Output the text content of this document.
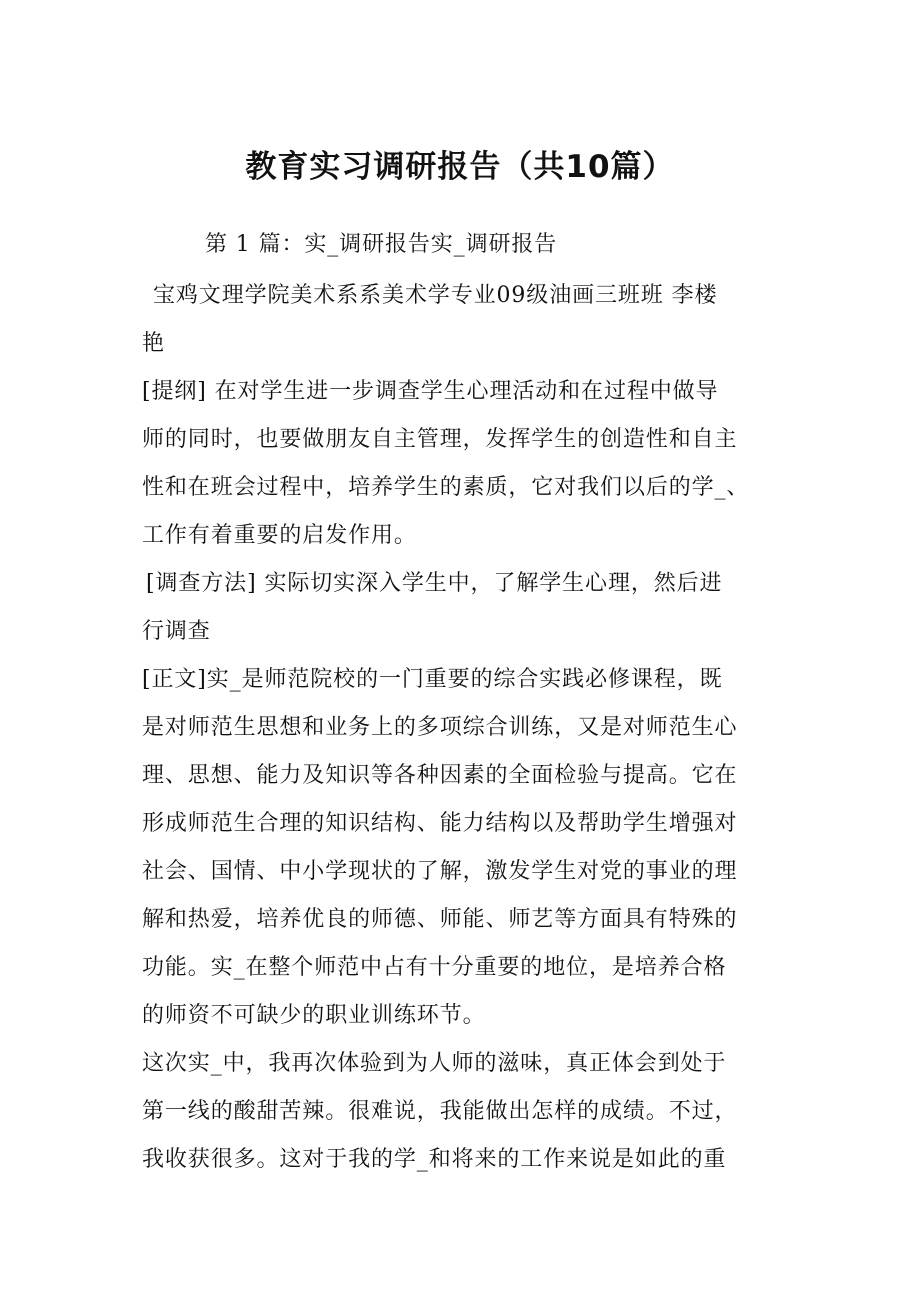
教育实习调研报告（共10篇）
第 1 篇：实_调研报告实_调研报告
宝鸡文理学院美术系系美术学专业09级油画三班班 李楼
艳
[提纲] 在对学生进一步调查学生心理活动和在过程中做导
师的同时，也要做朋友自主管理，发挥学生的创造性和自主
性和在班会过程中，培养学生的素质，它对我们以后的学_、
工作有着重要的启发作用。
[调查方法] 实际切实深入学生中，了解学生心理，然后进
行调查
[正文]实_是师范院校的一门重要的综合实践必修课程，既
是对师范生思想和业务上的多项综合训练，又是对师范生心
理、思想、能力及知识等各种因素的全面检验与提高。它在
形成师范生合理的知识结构、能力结构以及帮助学生增强对
社会、国情、中小学现状的了解，激发学生对党的事业的理
解和热爱，培养优良的师德、师能、师艺等方面具有特殊的
功能。实_在整个师范中占有十分重要的地位，是培养合格
的师资不可缺少的职业训练环节。
这次实_中，我再次体验到为人师的滋味，真正体会到处于
第一线的酸甜苦辣。很难说，我能做出怎样的成绩。不过，
我收获很多。这对于我的学_和将来的工作来说是如此的重
